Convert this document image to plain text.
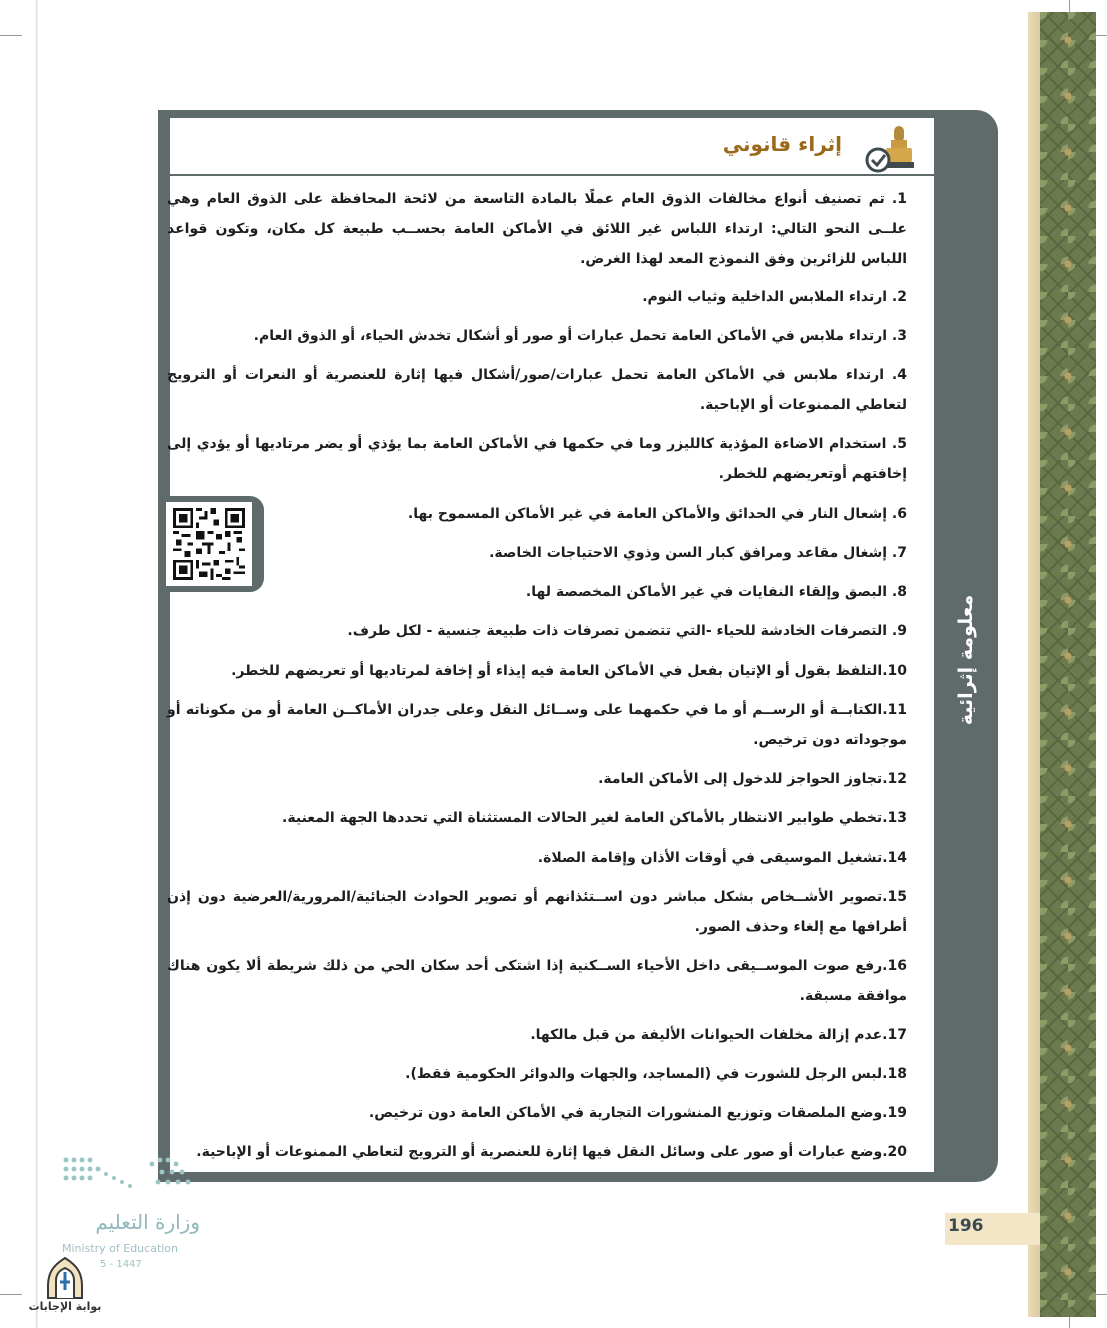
إثراء قانوني
معلومة إثرائية
1. تم تصنيف أنواع مخالفات الذوق العام عملًا بالمادة التاسعة من لائحة المحافظة على الذوق العام وهي علــى النحو التالي: ارتداء اللباس غير اللائق في الأماكن العامة بحســب طبيعة كل مكان، وتكون قواعد اللباس للزائرين وفق النموذج المعد لهذا الغرض.
2. ارتداء الملابس الداخلية وثياب النوم.
3. ارتداء ملابس في الأماكن العامة تحمل عبارات أو صور أو أشكال تخدش الحياء، أو الذوق العام.
4. ارتداء ملابس في الأماكن العامة تحمل عبارات/صور/أشكال فيها إثارة للعنصرية أو النعرات أو الترويج لتعاطي الممنوعات أو الإباحية.
5. استخدام الاضاءة المؤذية كالليزر وما في حكمها في الأماكن العامة بما يؤذي أو يضر مرتاديها أو يؤدي إلى إخافتهم أوتعريضهم للخطر.
6. إشعال النار في الحدائق والأماكن العامة في غير الأماكن المسموح بها.
7. إشغال مقاعد ومرافق كبار السن وذوي الاحتياجات الخاصة.
8. البصق وإلقاء النفايات في غير الأماكن المخصصة لها.
9. التصرفات الخادشة للحياء -التي تتضمن تصرفات ذات طبيعة جنسية - لكل طرف.
10.التلفظ بقول أو الإتيان بفعل في الأماكن العامة فيه إيذاء أو إخافة لمرتاديها أو تعريضهم للخطر.
11.الكتابــة أو الرســم أو ما في حكمهما على وســائل النقل وعلى جدران الأماكــن العامة أو من مكوناته أو موجوداته دون ترخيص.
12.تجاوز الحواجز للدخول إلى الأماكن العامة.
13.تخطي طوابير الانتظار بالأماكن العامة لغير الحالات المستثناة التي تحددها الجهة المعنية.
14.تشغيل الموسيقى في أوقات الأذان وإقامة الصلاة.
15.تصوير الأشــخاص بشكل مباشر دون اســتئذانهم أو تصوير الحوادث الجنائية/المرورية/العرضية دون إذن أطرافها مع إلغاء وحذف الصور.
16.رفع صوت الموســيقى داخل الأحياء الســكنية إذا اشتكى أحد سكان الحي من ذلك شريطة ألا يكون هناك موافقة مسبقة.
17.عدم إزالة مخلفات الحيوانات الأليفة من قبل مالكها.
18.لبس الرجل للشورت في (المساجد، والجهات والدوائر الحكومية فقط).
19.وضع الملصقات وتوزيع المنشورات التجارية في الأماكن العامة دون ترخيص.
20.وضع عبارات أو صور على وسائل النقل فيها إثارة للعنصرية أو الترويج لتعاطي الممنوعات أو الإباحية.
196
وزارة التعليم
Ministry of Education
5 - 1447
بوابة الإجابات
